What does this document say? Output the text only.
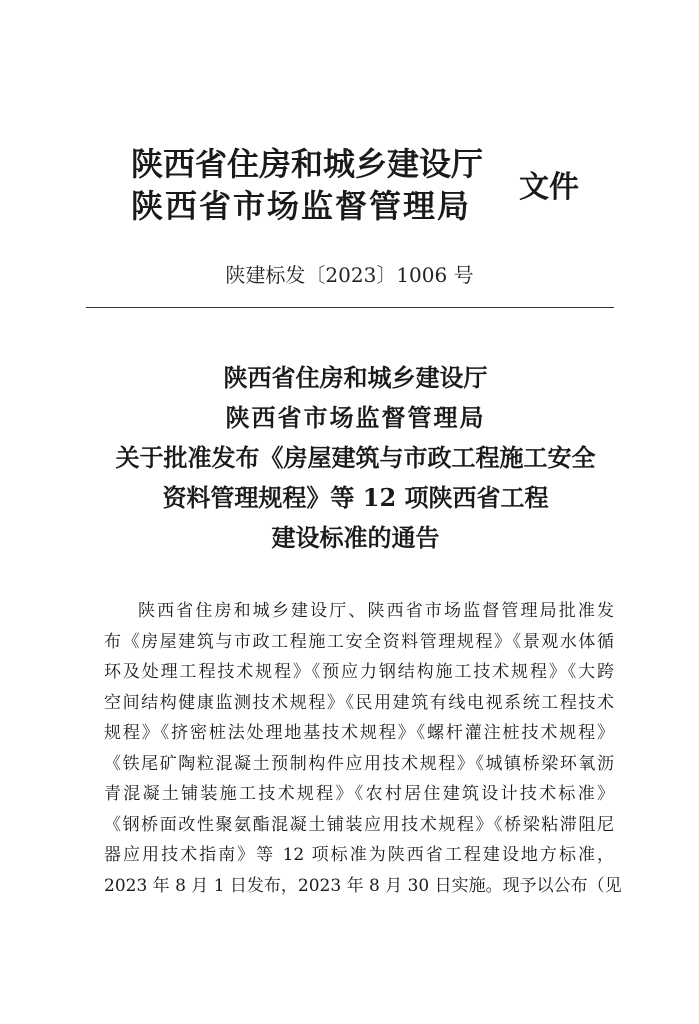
陕西省住房和城乡建设厅
陕西省市场监督管理局 文件
陕建标发〔2023〕1006 号
陕西省住房和城乡建设厅
陕西省市场监督管理局
关于批准发布《房屋建筑与市政工程施工安全
资料管理规程》等 12 项陕西省工程
建设标准的通告
陕西省住房和城乡建设厅、陕西省市场监督管理局批准发
布《房屋建筑与市政工程施工安全资料管理规程》《景观水体循
环及处理工程技术规程》《预应力钢结构施工技术规程》《大跨
空间结构健康监测技术规程》《民用建筑有线电视系统工程技术
规程》《挤密桩法处理地基技术规程》《螺杆灌注桩技术规程》
《铁尾矿陶粒混凝土预制构件应用技术规程》《城镇桥梁环氧沥
青混凝土铺装施工技术规程》《农村居住建筑设计技术标准》
《钢桥面改性聚氨酯混凝土铺装应用技术规程》《桥梁粘滞阻尼
器应用技术指南》等 12 项标准为陕西省工程建设地方标准，
2023 年 8 月 1 日发布，2023 年 8 月 30 日实施。现予以公布（见
